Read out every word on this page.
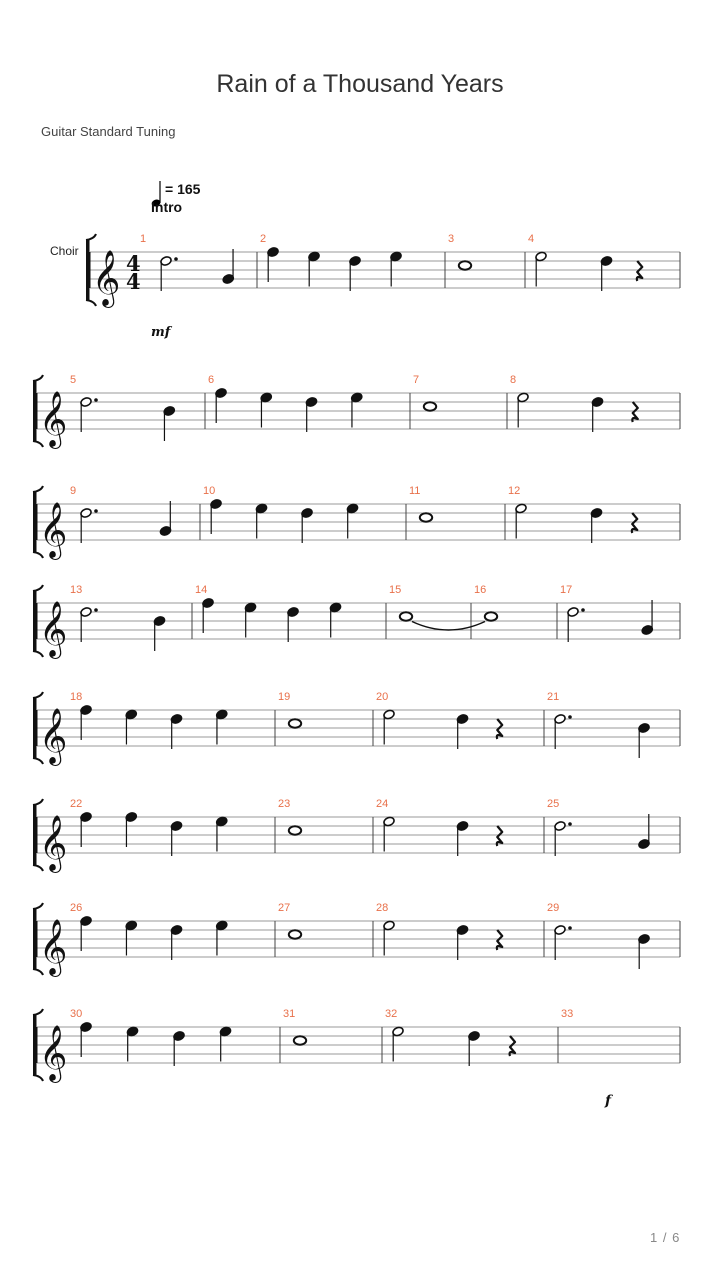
Rain of a Thousand Years
Guitar Standard Tuning
= 165
Intro
Choir
mf
f
𝄞 4
4
1	2	3	4
𝄞
5	6	7	8
𝄞
9	10	11	12
𝄞
13	14	15	16	17
𝄞
18	19	20	21
𝄞
22	23	24	25
𝄞
26	27	28	29
𝄞
30	31	32	33
1 / 6
